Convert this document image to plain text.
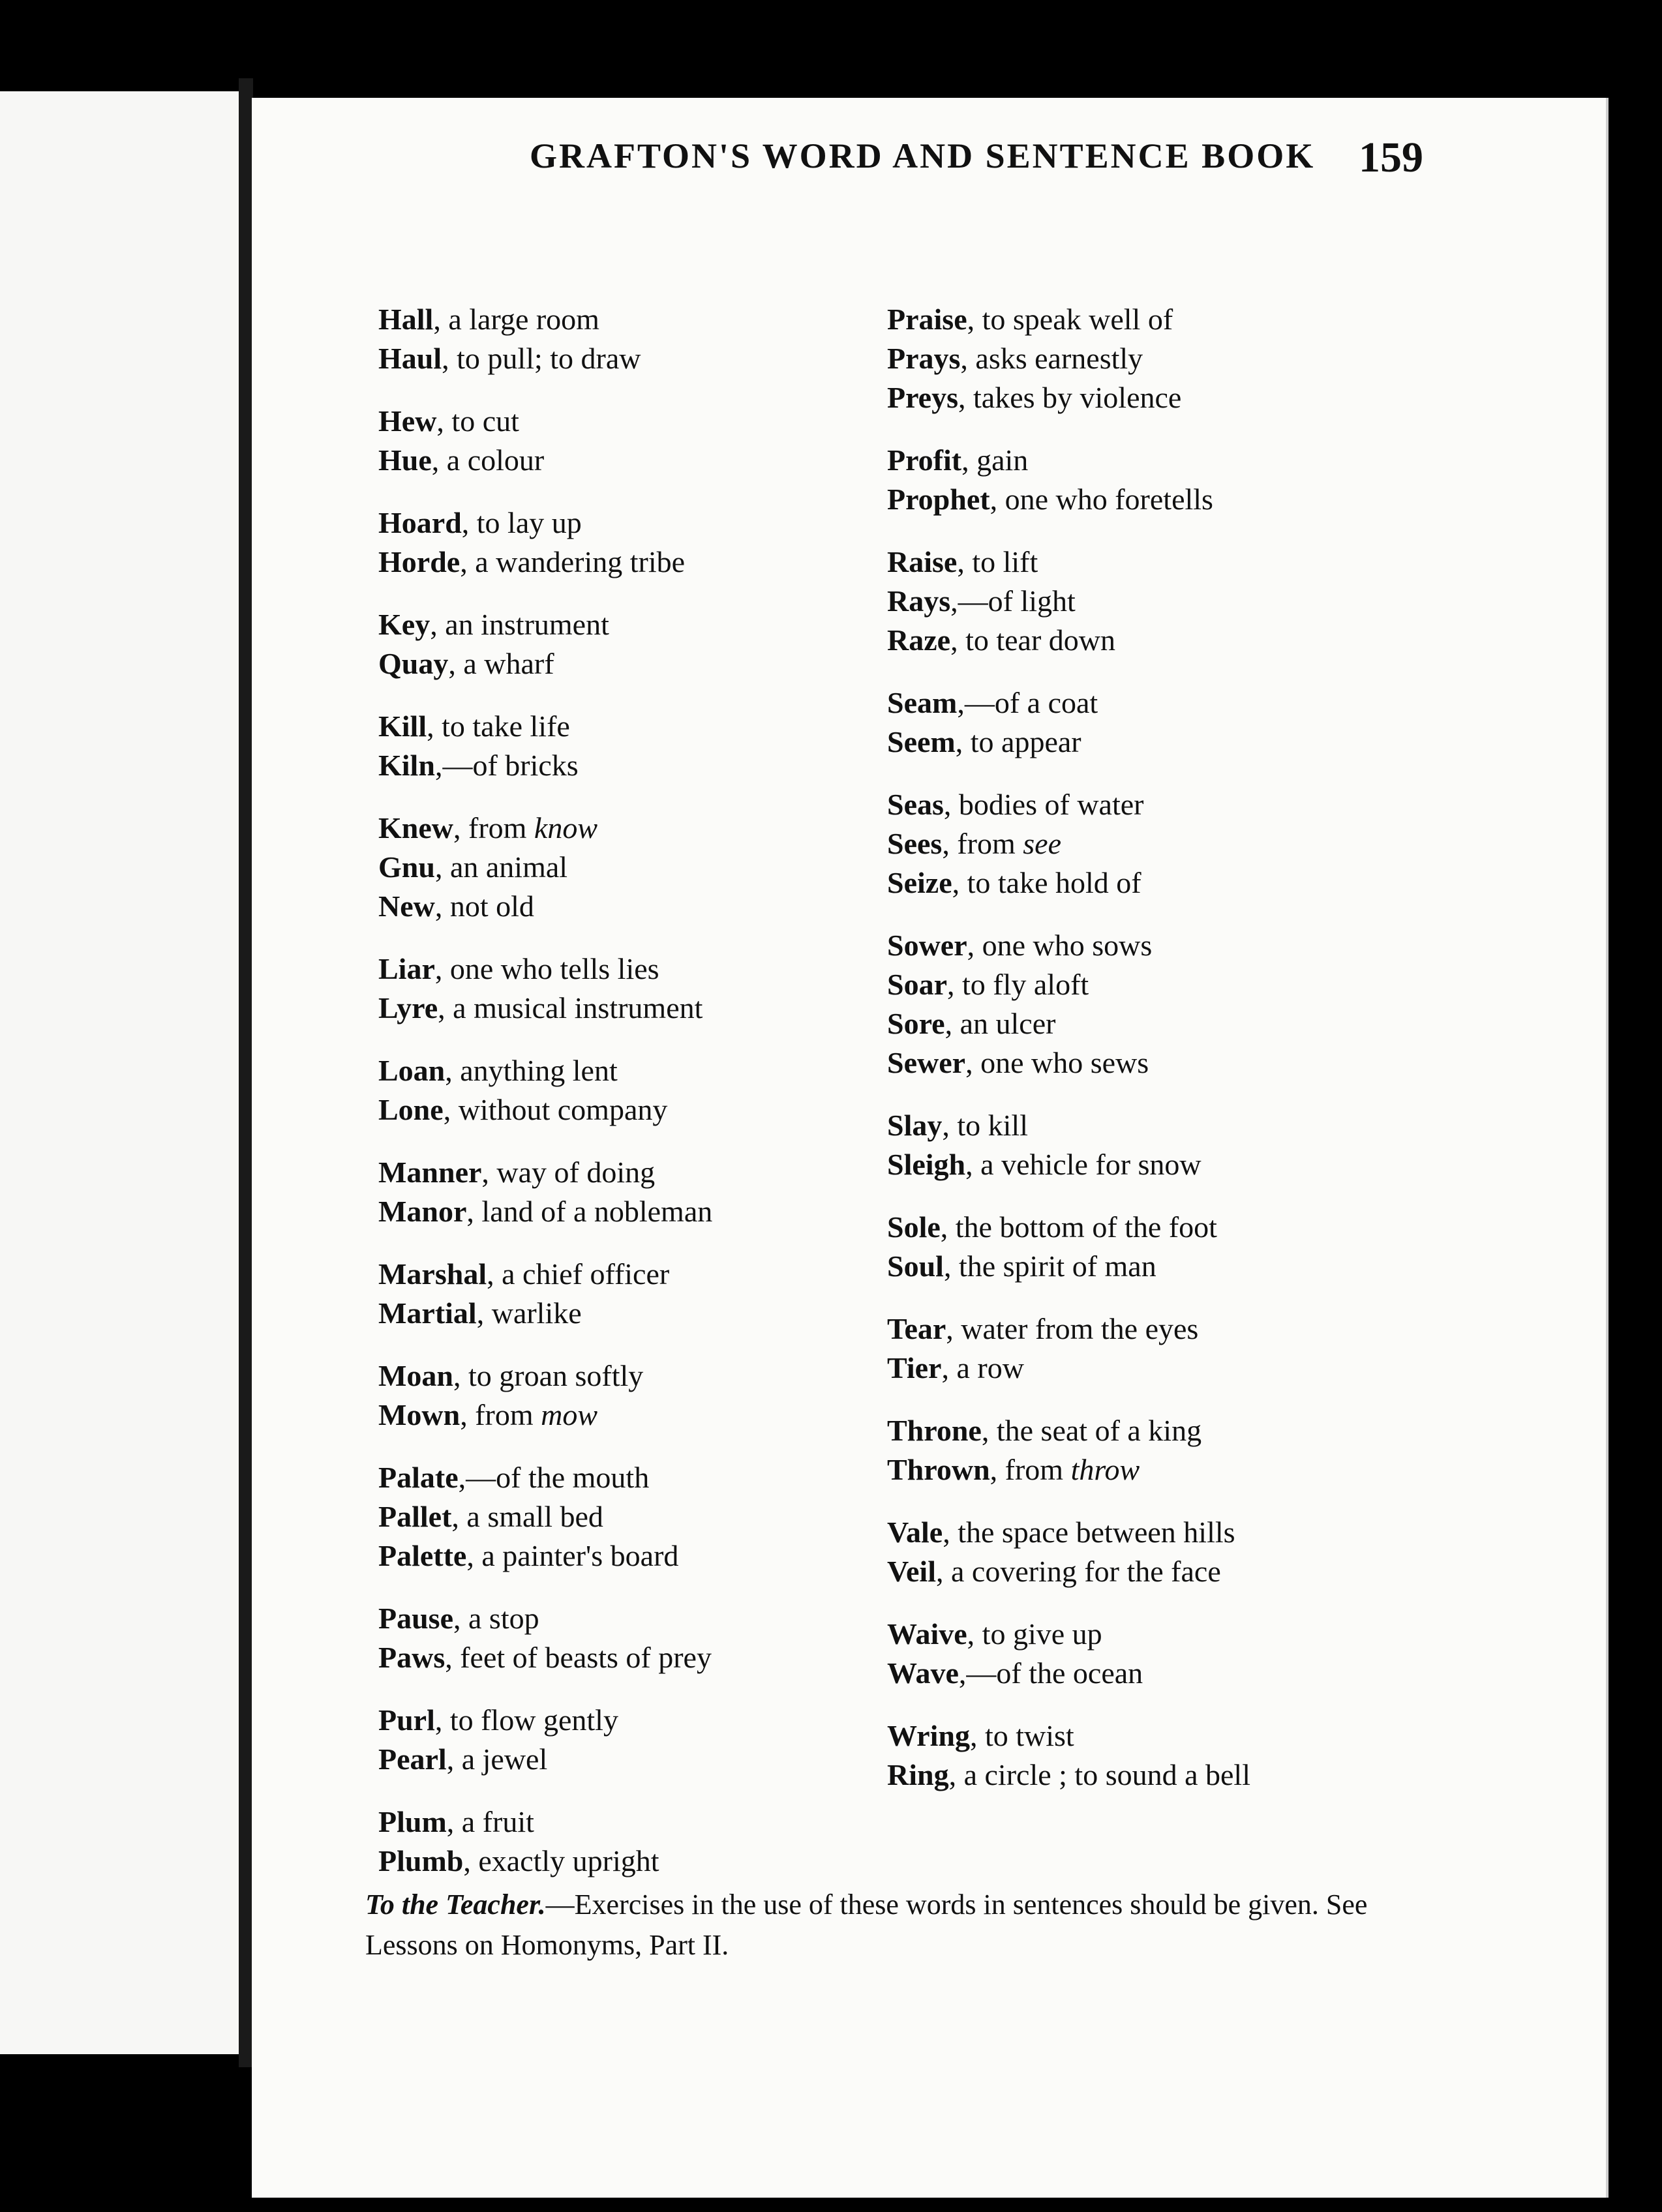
GRAFTON'S WORD AND SENTENCE BOOK 159
Hall, a large room
Haul, to pull; to draw
Hew, to cut
Hue, a colour
Hoard, to lay up
Horde, a wandering tribe
Key, an instrument
Quay, a wharf
Kill, to take life
Kiln,—of bricks
Knew, from know
Gnu, an animal
New, not old
Liar, one who tells lies
Lyre, a musical instrument
Loan, anything lent
Lone, without company
Manner, way of doing
Manor, land of a nobleman
Marshal, a chief officer
Martial, warlike
Moan, to groan softly
Mown, from mow
Palate,—of the mouth
Pallet, a small bed
Palette, a painter's board
Pause, a stop
Paws, feet of beasts of prey
Purl, to flow gently
Pearl, a jewel
Plum, a fruit
Plumb, exactly upright
Praise, to speak well of
Prays, asks earnestly
Preys, takes by violence
Profit, gain
Prophet, one who foretells
Raise, to lift
Rays,—of light
Raze, to tear down
Seam,—of a coat
Seem, to appear
Seas, bodies of water
Sees, from see
Seize, to take hold of
Sower, one who sows
Soar, to fly aloft
Sore, an ulcer
Sewer, one who sews
Slay, to kill
Sleigh, a vehicle for snow
Sole, the bottom of the foot
Soul, the spirit of man
Tear, water from the eyes
Tier, a row
Throne, the seat of a king
Thrown, from throw
Vale, the space between hills
Veil, a covering for the face
Waive, to give up
Wave,—of the ocean
Wring, to twist
Ring, a circle ; to sound a bell
To the Teacher.—Exercises in the use of these words in sentences should be given. See Lessons on Homonyms, Part II.
